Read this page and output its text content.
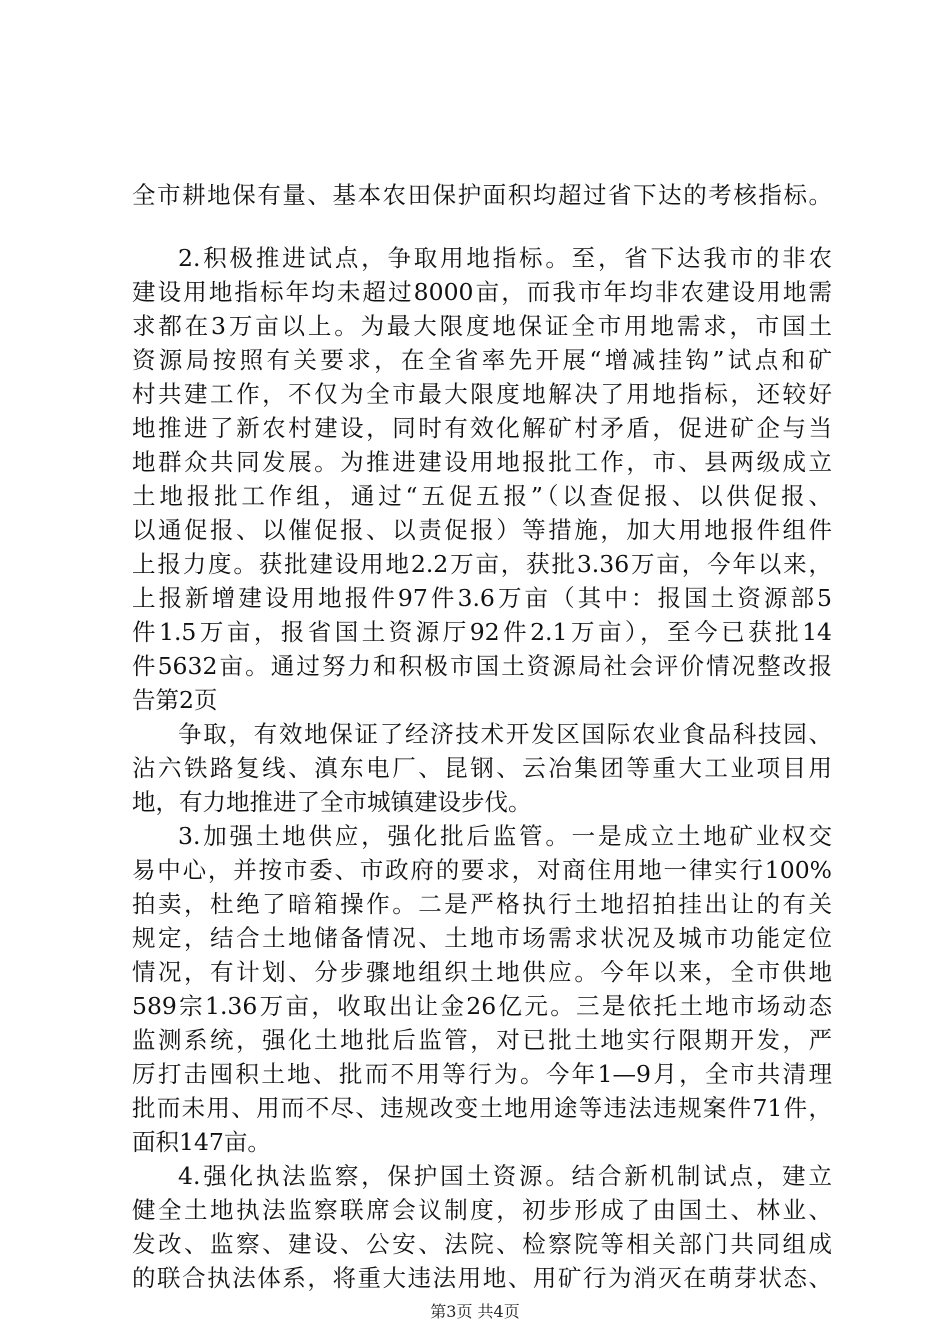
全市耕地保有量、基本农田保护面积均超过省下达的考核指标。
2.积极推进试点，争取用地指标。至，省下达我市的非农
建设用地指标年均未超过8000亩，而我市年均非农建设用地需
求都在3万亩以上。为最大限度地保证全市用地需求，市国土
资源局按照有关要求，在全省率先开展“增减挂钩”试点和矿
村共建工作，不仅为全市最大限度地解决了用地指标，还较好
地推进了新农村建设，同时有效化解矿村矛盾，促进矿企与当
地群众共同发展。为推进建设用地报批工作，市、县两级成立
土地报批工作组，通过“五促五报”（以查促报、以供促报、
以通促报、以催促报、以责促报）等措施，加大用地报件组件
上报力度。获批建设用地2.2万亩，获批3.36万亩，今年以来，
上报新增建设用地报件97件3.6万亩（其中：报国土资源部5
件1.5万亩，报省国土资源厅92件2.1万亩），至今已获批14
件5632亩。通过努力和积极市国土资源局社会评价情况整改报
告第2页
争取，有效地保证了经济技术开发区国际农业食品科技园、
沾六铁路复线、滇东电厂、昆钢、云冶集团等重大工业项目用
地，有力地推进了全市城镇建设步伐。
3.加强土地供应，强化批后监管。一是成立土地矿业权交
易中心，并按市委、市政府的要求，对商住用地一律实行100%
拍卖，杜绝了暗箱操作。二是严格执行土地招拍挂出让的有关
规定，结合土地储备情况、土地市场需求状况及城市功能定位
情况，有计划、分步骤地组织土地供应。今年以来，全市供地
589宗1.36万亩，收取出让金26亿元。三是依托土地市场动态
监测系统，强化土地批后监管，对已批土地实行限期开发，严
厉打击囤积土地、批而不用等行为。今年1—9月，全市共清理
批而未用、用而不尽、违规改变土地用途等违法违规案件71件，
面积147亩。
4.强化执法监察，保护国土资源。结合新机制试点，建立
健全土地执法监察联席会议制度，初步形成了由国土、林业、
发改、监察、建设、公安、法院、检察院等相关部门共同组成
的联合执法体系，将重大违法用地、用矿行为消灭在萌芽状态、
第3页 共4页
